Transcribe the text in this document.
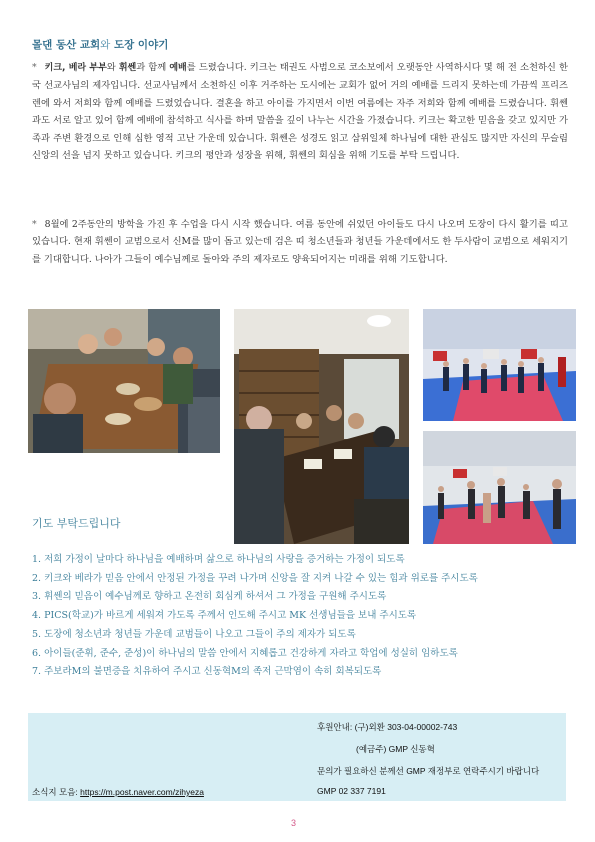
몰댄 동산 교회와 도장 이야기
* 키크, 베라 부부와 휘쎈과 함께 예배를 드렸습니다. 키크는 태권도 사범으로 코소보에서 오랫동안 사역하시다 몇 해 전 소천하신 한국 선교사님의 제자입니다. 선교사님께서 소천하신 이후 거주하는 도시에는 교회가 없어 거의 예배를 드리지 못하는데 가끔씩 프리즈렌에 와서 저희와 함께 예배를 드렸었습니다. 결혼을 하고 아이를 가지면서 이번 여름에는 자주 저희와 함께 예배를 드렸습니다. 휘쎈과도 서로 알고 있어 함께 예배에 참석하고 식사를 하며 말씀을 깊이 나누는 시간을 가졌습니다. 키크는 확고한 믿음을 갖고 있지만 가족과 주변 환경으로 인해 심한 영적 고난 가운데 있습니다. 휘쎈은 성경도 읽고 삼위일체 하나님에 대한 관심도 많지만 자신의 무슬림 신앙의 선을 넘지 못하고 있습니다. 키크의 평안과 성장을 위해, 휘쎈의 회심을 위해 기도를 부탁 드립니다.
* 8월에 2주동안의 방학을 가진 후 수업을 다시 시작 했습니다. 여름 동안에 쉬었던 아이들도 다시 나오며 도장이 다시 활기를 띠고 있습니다. 현재 휘쎈이 교범으로서 신M를 많이 돕고 있는데 검은 띠 청소년들과 청년들 가운데에서도 한 두사람이 교범으로 세워지기를 기대합니다. 나아가 그들이 예수님께로 돌아와 주의 제자로도 양육되어지는 미래를 위해 기도합니다.
기도 부탁드립니다
1. 저희 가정이 날마다 하나님을 예배하며 삶으로 하나님의 사랑을 증거하는 가정이 되도록
2. 키크와 베라가 믿음 안에서 안정된 가정을 꾸려 나가며 신앙을 잘 지켜 나갈 수 있는 힘과 위로를 주시도록
3. 휘쎈의 믿음이 예수님께로 향하고 온전히 회심케 하셔서 그 가정을 구원해 주시도록
4. PICS(학교)가 바르게 세워져 가도록 주께서 인도해 주시고 MK 선생님들을 보내 주시도록
5. 도장에 청소년과 청년들 가운데 교범들이 나오고 그들이 주의 제자가 되도록
6. 아이들(준휘, 준수, 준성)이 하나님의 말씀 안에서 지혜롭고 건강하게 자라고 학업에 성실히 임하도록
7. 주보라M의 불면증을 치유하여 주시고 신동혁M의 족저 근막염이 속히 회복되도록
후원안내: (구)외환 303-04-00002-743
(예금주) GMP 신동혁
문의가 필요하신 분께선 GMP 재정부로 연락주시기 바랍니다
소식지 모음: https://m.post.naver.com/zihyeza	GMP 02 337 7191
3
